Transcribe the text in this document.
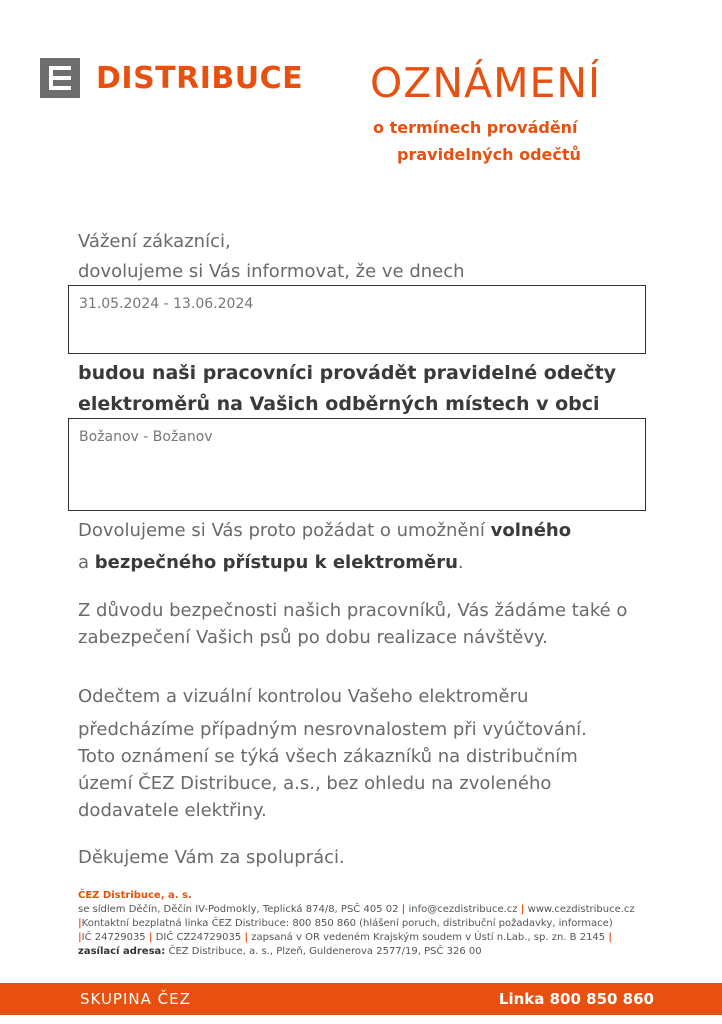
DISTRIBUCE OZNÁMENÍ
o termínech provádění
pravidelných odečtů
Vážení zákazníci,
dovolujeme si Vás informovat, že ve dnech
31.05.2024 - 13.06.2024
budou naši pracovníci provádět pravidelné odečty
elektroměrů na Vašich odběrných místech v obci
Božanov - Božanov
Dovolujeme si Vás proto požádat o umožnění volného
a bezpečného přístupu k elektroměru.
Z důvodu bezpečnosti našich pracovníků, Vás žádáme také o
zabezpečení Vašich psů po dobu realizace návštěvy.
Odečtem a vizuální kontrolou Vašeho elektroměru
předcházíme případným nesrovnalostem při vyúčtování.
Toto oznámení se týká všech zákazníků na distribučním
území ČEZ Distribuce, a.s., bez ohledu na zvoleného
dodavatele elektřiny.
Děkujeme Vám za spolupráci.
ČEZ Distribuce, a. s.
se sídlem Děčín, Děčín IV-Podmokly, Teplická 874/8, PSČ 405 02 | info@cezdistribuce.cz | www.cezdistribuce.cz
|Kontaktní bezplatná linka ČEZ Distribuce: 800 850 860 (hlášení poruch, distribuční požadavky, informace)
|IČ 24729035 | DIČ CZ24729035 | zapsaná v OR vedeném Krajským soudem v Ústí n.Lab., sp. zn. B 2145 |
zasílací adresa: ČEZ Distribuce, a. s., Plzeň, Guldenerova 2577/19, PSČ 326 00
SKUPINA ČEZ	Linka 800 850 860
